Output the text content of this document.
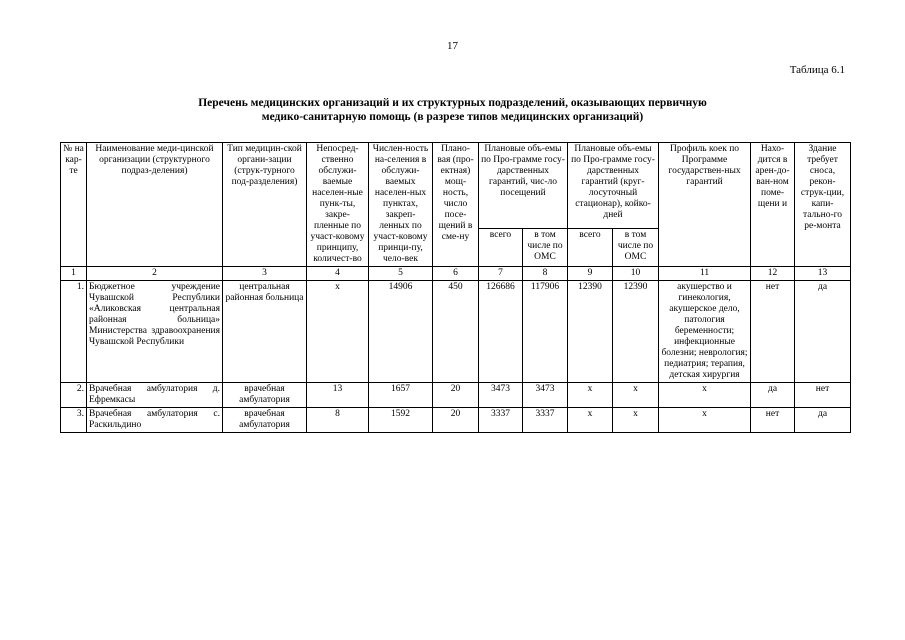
17
Таблица 6.1
Перечень медицинских организаций и их структурных подразделений, оказывающих первичную
медико-санитарную помощь (в разрезе типов медицинских организаций)
№ на кар-те	Наименование меди-цинской организации (структурного подраз-деления)	Тип медицин-ской органи-зации (струк-турного под-разделения)	Непосред-ственно обслужи-ваемые населен-ные пунк-ты, закре-пленные по участ-ковому принципу, количест-во	Числен-ность на-селения в обслужи-ваемых населен-ных пунктах, закреп-ленных по участ-ковому принци-пу, чело-век	Плано-вая (про-ектная) мощ-ность, число посе-щений в сме-ну	Плановые объ-емы по Про-грамме госу-дарственных гарантий, чис-ло посещений		Плановые объ-емы по Про-грамме госу-дарственных гарантий (круг-лосуточный стационар), койко-дней		Профиль коек по Программе государствен-ных гарантий	Нахо-дится в арен-до-ван-ном поме-щени и	Здание требует сноса, рекон-струк-ции, капи-тально-го ре-монта
						всего	в том числе по ОМС	всего	в том числе по ОМС			
1	2	3	4	5	6	7	8	9	10	11	12	13
1.	Бюджетное учреждение Чувашской Республики «Аликовская центральная районная больница» Министерства здравоохранения Чувашской Республики	центральная районная больница	х	14906	450	126686	117906	12390	12390	акушерство и гинекология, акушерское дело, патология беременности; инфекционные болезни; неврология; педиатрия; терапия, детская хирургия	нет	да
2.	Врачебная амбулатория д. Ефремкасы	врачебная амбулатория	13	1657	20	3473	3473	х	х	х	да	нет
3.	Врачебная амбулатория с. Раскильдино	врачебная амбулатория	8	1592	20	3337	3337	х	х	х	нет	да
